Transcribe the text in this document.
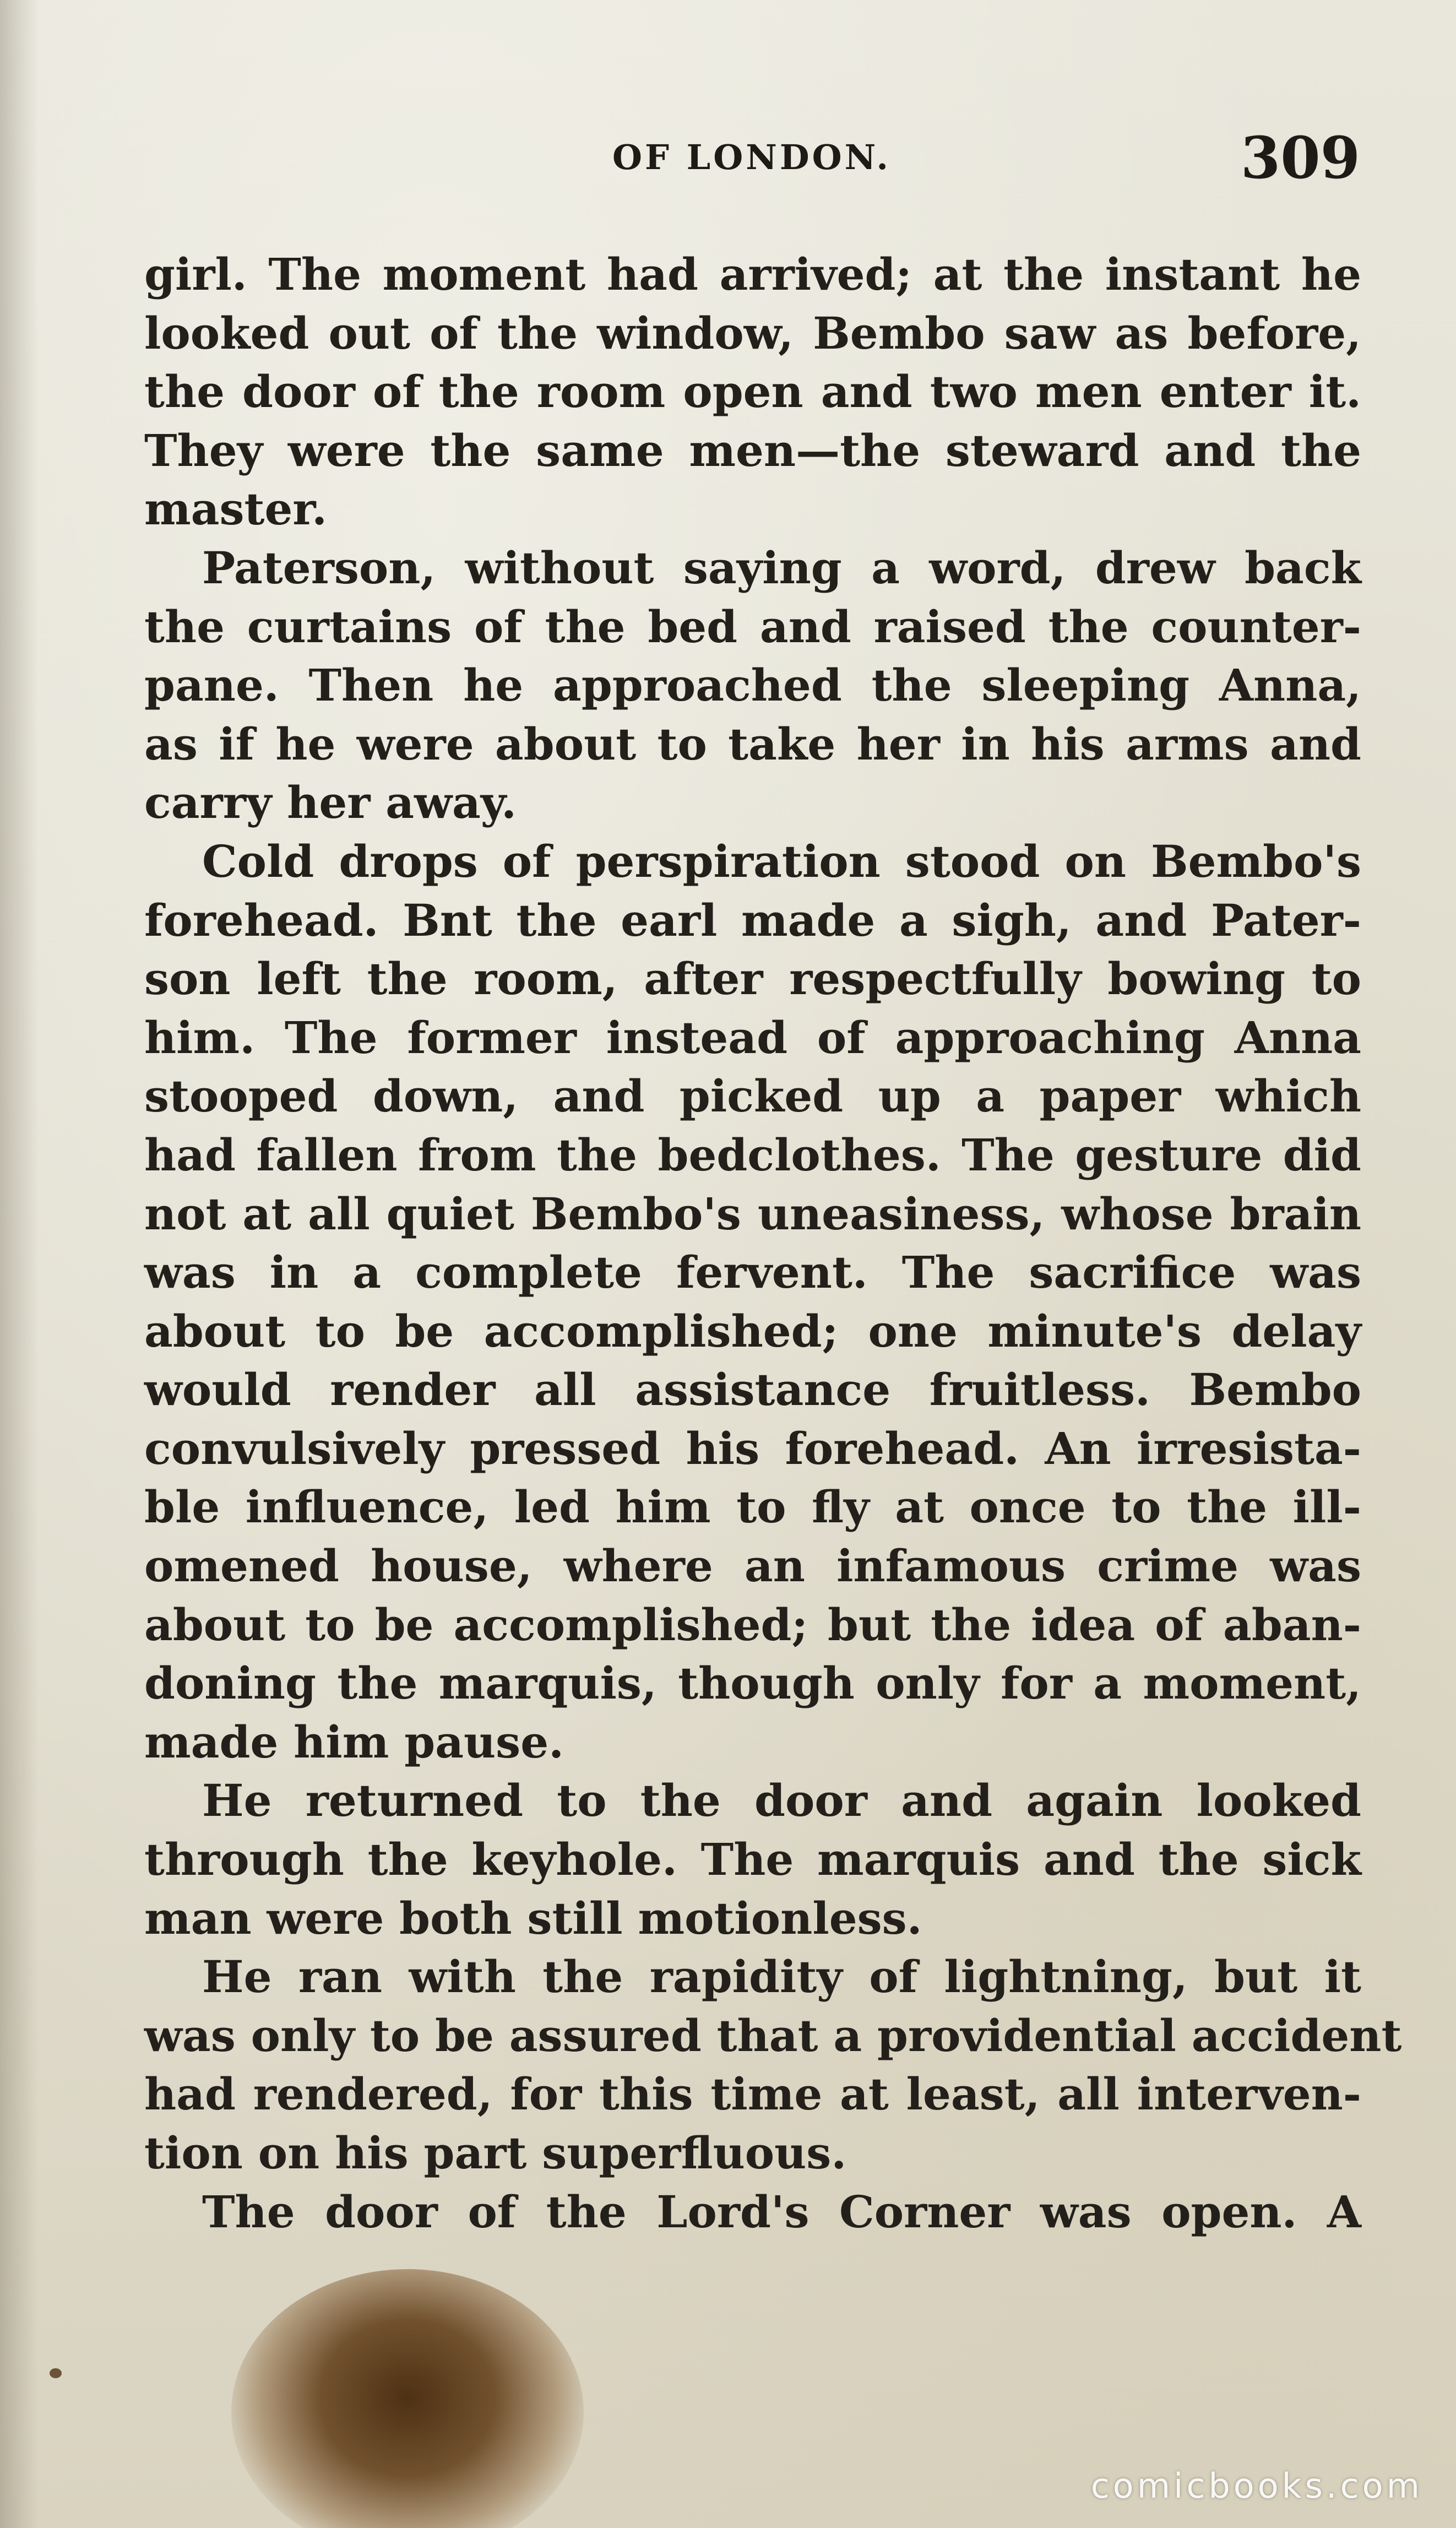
OF LONDON.	309
girl. The moment had arrived; at the instant he
looked out of the window, Bembo saw as before,
the door of the room open and two men enter it.
They were the same men—the steward and the
master.
Paterson, without saying a word, drew back
the curtains of the bed and raised the counter-
pane. Then he approached the sleeping Anna,
as if he were about to take her in his arms and
carry her away.
Cold drops of perspiration stood on Bembo's
forehead. Bnt the earl made a sigh, and Pater-
son left the room, after respectfully bowing to
him. The former instead of approaching Anna
stooped down, and picked up a paper which
had fallen from the bedclothes. The gesture did
not at all quiet Bembo's uneasiness, whose brain
was in a complete fervent. The sacrifice was
about to be accomplished; one minute's delay
would render all assistance fruitless. Bembo
convulsively pressed his forehead. An irresista-
ble influence, led him to fly at once to the ill-
omened house, where an infamous crime was
about to be accomplished; but the idea of aban-
doning the marquis, though only for a moment,
made him pause.
He returned to the door and again looked
through the keyhole. The marquis and the sick
man were both still motionless.
He ran with the rapidity of lightning, but it
was only to be assured that a providential accident
had rendered, for this time at least, all interven-
tion on his part superfluous.
The door of the Lord's Corner was open. A
comicbooks.com
